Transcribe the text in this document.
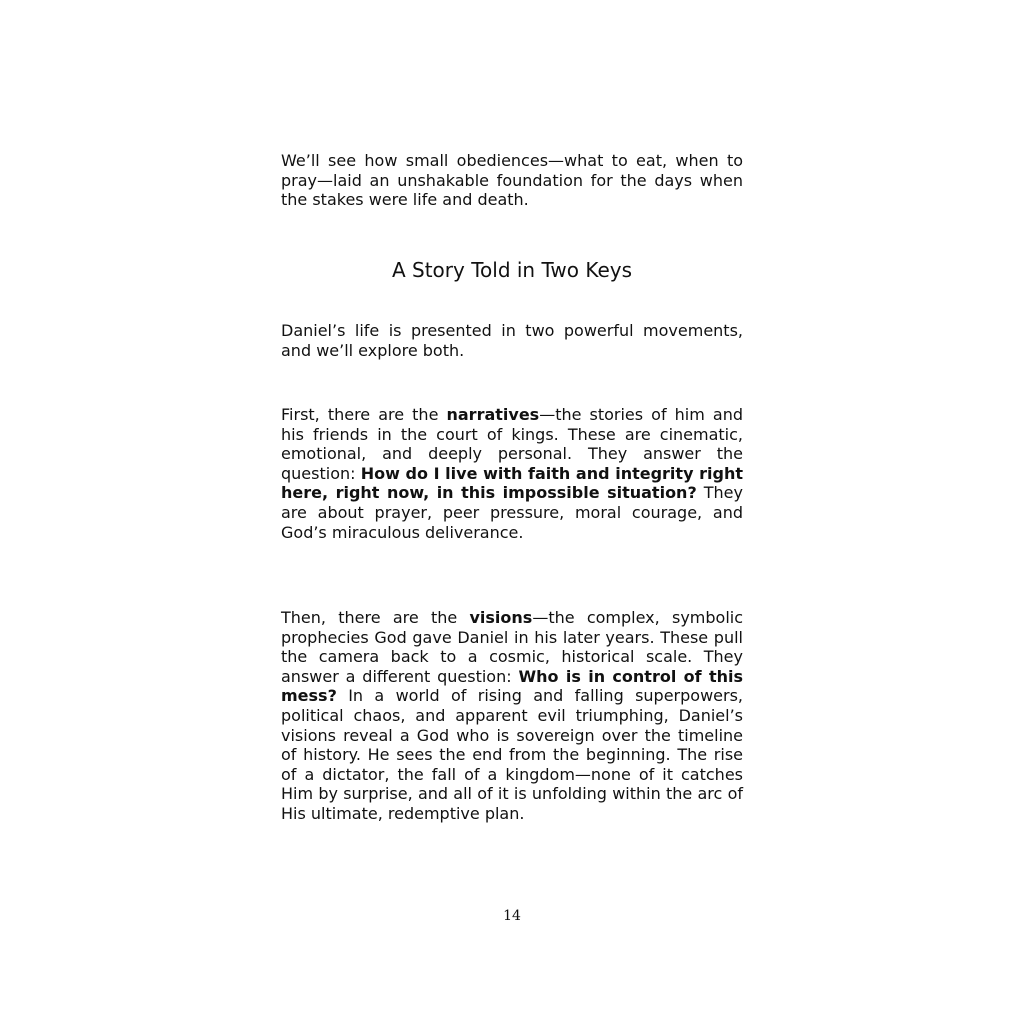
We’ll see how small obediences—what to eat, when to pray—laid an unshakable foundation for the days when the stakes were life and death.

A Story Told in Two Keys

Daniel’s life is presented in two powerful movements, and we’ll explore both.

First, there are the narratives—the stories of him and his friends in the court of kings. These are cinematic, emotional, and deeply personal. They answer the question: How do I live with faith and integrity right here, right now, in this impossible situation? They are about prayer, peer pressure, moral courage, and God’s miraculous deliverance.

Then, there are the visions—the complex, symbolic prophecies God gave Daniel in his later years. These pull the camera back to a cosmic, historical scale. They answer a different question: Who is in control of this mess? In a world of rising and falling superpowers, political chaos, and apparent evil triumphing, Daniel’s visions reveal a God who is sovereign over the timeline of history. He sees the end from the beginning. The rise of a dictator, the fall of a kingdom—none of it catches Him by surprise, and all of it is unfolding within the arc of His ultimate, redemptive plan.

14
